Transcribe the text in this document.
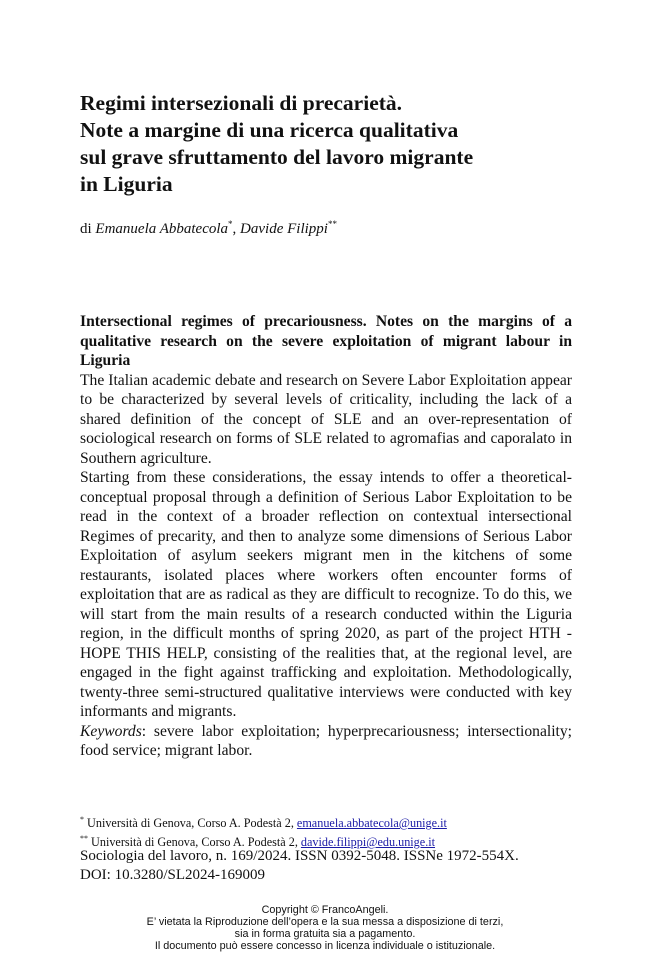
Regimi intersezionali di precarietà.
Note a margine di una ricerca qualitativa
sul grave sfruttamento del lavoro migrante
in Liguria
di Emanuela Abbatecola*, Davide Filippi**

Intersectional regimes of precariousness. Notes on the margins of a qualitative research on the severe exploitation of migrant labour in Liguria

The Italian academic debate and research on Severe Labor Exploitation appear to be characterized by several levels of criticality, including the lack of a shared definition of the concept of SLE and an over-representation of sociological research on forms of SLE related to agromafias and caporalato in Southern agriculture.

Starting from these considerations, the essay intends to offer a theoretical-conceptual proposal through a definition of Serious Labor Exploitation to be read in the context of a broader reflection on contextual intersectional Regimes of precarity, and then to analyze some dimensions of Serious Labor Exploitation of asylum seekers migrant men in the kitchens of some restaurants, isolated places where workers often encounter forms of exploitation that are as radical as they are difficult to recognize. To do this, we will start from the main results of a research conducted within the Liguria region, in the difficult months of spring 2020, as part of the project HTH - HOPE THIS HELP, consisting of the realities that, at the regional level, are engaged in the fight against trafficking and exploitation. Methodologically, twenty-three semi-structured qualitative interviews were conducted with key informants and migrants.

Keywords: severe labor exploitation; hyperprecariousness; intersectionality; food service; migrant labor.

* Università di Genova, Corso A. Podestà 2, emanuela.abbatecola@unige.it
** Università di Genova, Corso A. Podestà 2, davide.filippi@edu.unige.it
Sociologia del lavoro, n. 169/2024. ISSN 0392-5048. ISSNe 1972-554X.
DOI: 10.3280/SL2024-169009
Copyright © FrancoAngeli.
E’ vietata la Riproduzione dell’opera e la sua messa a disposizione di terzi,
sia in forma gratuita sia a pagamento.
Il documento può essere concesso in licenza individuale o istituzionale.
